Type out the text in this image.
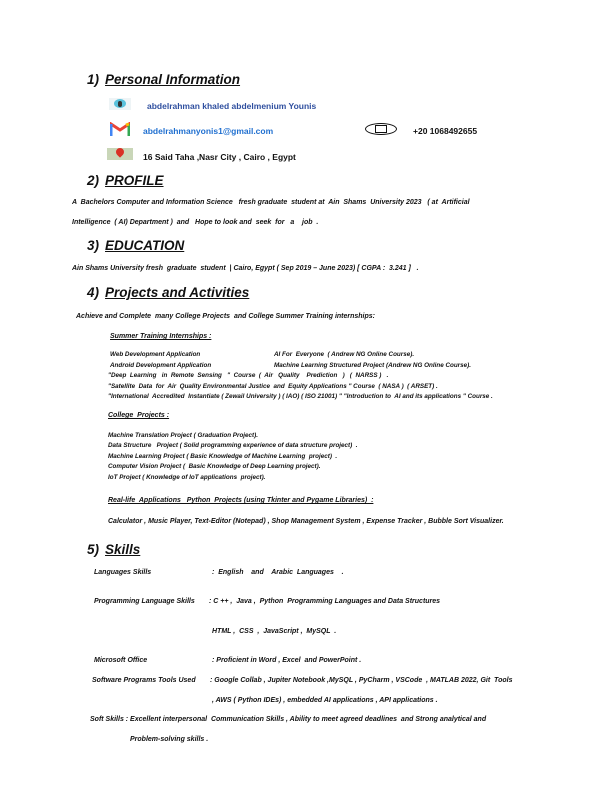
1) Personal Information
abdelrahman khaled abdelmenium Younis
abdelrahmanyonis1@gmail.com	+20 1068492655
16 Said Taha ,Nasr City , Cairo , Egypt
2) PROFILE
A  Bachelors Computer and Information Science   fresh graduate  student at  Ain  Shams  University 2023   ( at  Artificial
Intelligence  ( AI) Department )  and   Hope to look and  seek  for   a    job  .
3) EDUCATION
Ain Shams University fresh  graduate  student  | Cairo, Egypt ( Sep 2019 – June 2023) [ CGPA :  3.241 ]   .
4) Projects and Activities
Achieve and Complete  many College Projects  and College Summer Training internships:
Summer Training Internships :
Web Development Application	AI For  Everyone  ( Andrew NG Online Course).
Android Development Application	Machine Learning Structured Project (Andrew NG Online Course).
"Deep  Learning   in  Remote  Sensing   "  Course  (  Air   Quality    Prediction   )   (  NARSS )   .
"Satellite  Data  for  Air  Quality Environmental Justice  and  Equity Applications " Course  ( NASA )  ( ARSET) .
"International  Accredited  Instantiate ( Zewail University ) ( IAO) ( ISO 21001) " "Introduction to  AI and its applications " Course .
College  Projects :
Machine Translation Project ( Graduation Project).
Data Structure   Project ( Solid programming experience of data structure project)  .
Machine Learning Project ( Basic Knowledge of Machine Learning  project)  .
Computer Vision Project (  Basic Knowledge of Deep Learning project).
IoT Project ( Knowledge of IoT applications  project).
Real-life  Applications   Python  Projects (using Tkinter and Pygame Libraries)  :
Calculator , Music Player, Text-Editor (Notepad) , Shop Management System , Expense Tracker , Bubble Sort Visualizer.
5) Skills
Languages Skills	:  English    and    Arabic  Languages    .
Programming Language Skills : C ++ ,  Java ,  Python  Programming Languages and Data Structures
HTML ,  CSS  ,  JavaScript ,  MySQL  .
Microsoft Office	: Proficient in Word , Excel  and PowerPoint .
Software Programs Tools Used : Google Collab , Jupiter Notebook ,MySQL , PyCharm , VSCode  , MATLAB 2022, Git  Tools
, AWS ( Python IDEs) , embedded AI applications , API applications .
Soft Skills : Excellent interpersonal  Communication Skills , Ability to meet agreed deadlines  and Strong analytical and
Problem-solving skills .
